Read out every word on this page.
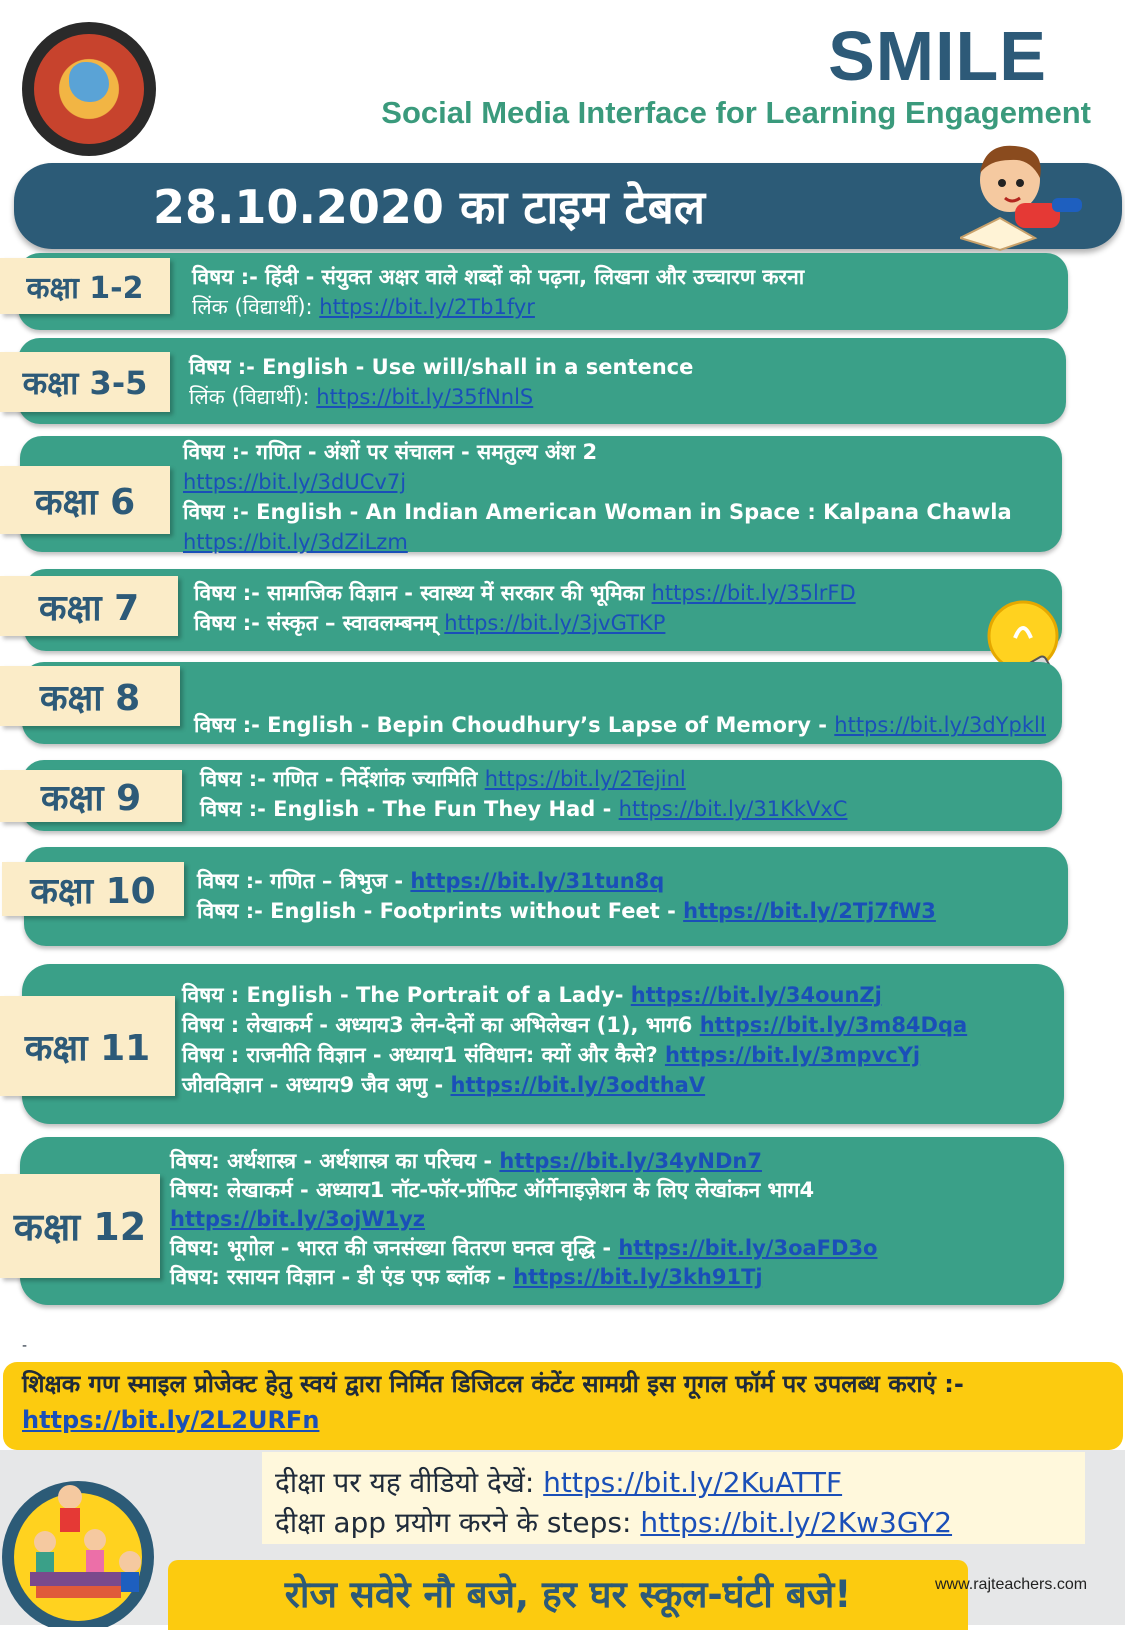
SMILE
Social Media Interface for Learning Engagement
28.10.2020 का टाइम टेबल
कक्षा 1-2	विषय :- हिंदी - संयुक्त अक्षर वाले शब्दों को पढ़ना, लिखना और उच्चारण करना
लिंक (विद्यार्थी): https://bit.ly/2Tb1fyr
कक्षा 3-5	विषय :- English - Use will/shall in a sentence
लिंक (विद्यार्थी): https://bit.ly/35fNnlS
कक्षा 6
विषय :- गणित - अंशों पर संचालन - समतुल्य अंश 2
https://bit.ly/3dUCv7j
विषय :- English - An Indian American Woman in Space : Kalpana Chawla
https://bit.ly/3dZiLzm
कक्षा 7	विषय :- सामाजिक विज्ञान - स्वास्थ्य में सरकार की भूमिका https://bit.ly/35lrFD
विषय :- संस्कृत – स्वावलम्बनम् https://bit.ly/3jvGTKP
कक्षा 8
विषय :- English - Bepin Choudhury’s Lapse of Memory - https://bit.ly/3dYpklI
कक्षा 9	विषय :- गणित - निर्देशांक ज्यामिति https://bit.ly/2Tejinl
विषय :- English - The Fun They Had - https://bit.ly/31KkVxC
कक्षा 10	विषय :- गणित – त्रिभुज - https://bit.ly/31tun8q
विषय :- English - Footprints without Feet - https://bit.ly/2Tj7fW3
कक्षा 11
विषय : English - The Portrait of a Lady- https://bit.ly/34ounZj
विषय : लेखाकर्म - अध्याय3 लेन-देनों का अभिलेखन (1), भाग6 https://bit.ly/3m84Dqa
विषय : राजनीति विज्ञान - अध्याय1 संविधान: क्यों और कैसे? https://bit.ly/3mpvcYj
जीवविज्ञान - अध्याय9 जैव अणु - https://bit.ly/3odthaV
कक्षा 12
विषय: अर्थशास्त्र - अर्थशास्त्र का परिचय - https://bit.ly/34yNDn7
विषय: लेखाकर्म - अध्याय1 नॉट-फॉर-प्रॉफिट ऑर्गेनाइज़ेशन के लिए लेखांकन भाग4
https://bit.ly/3ojW1yz
विषय: भूगोल - भारत की जनसंख्या वितरण घनत्व वृद्धि - https://bit.ly/3oaFD3o
विषय: रसायन विज्ञान - डी एंड एफ ब्लॉक - https://bit.ly/3kh91Tj
-
शिक्षक गण स्माइल प्रोजेक्ट हेतु स्वयं द्वारा निर्मित डिजिटल कंटेंट सामग्री इस गूगल फॉर्म पर उपलब्ध कराएं :- https://bit.ly/2L2URFn
दीक्षा पर यह वीडियो देखें: https://bit.ly/2KuATTF
दीक्षा app प्रयोग करने के steps: https://bit.ly/2Kw3GY2
रोज सवेरे नौ बजे, हर घर स्कूल-घंटी बजे!	www.rajteachers.com
